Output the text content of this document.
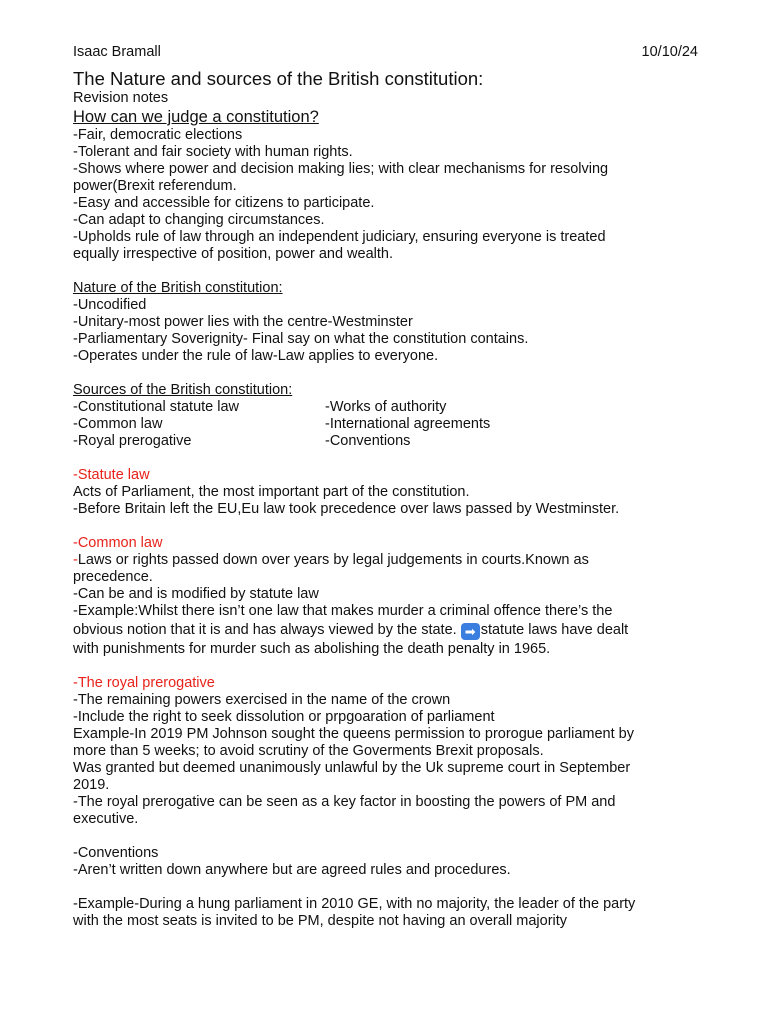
Isaac Bramall	10/10/24
The Nature and sources of the British constitution:
Revision notes
How can we judge a constitution?
-Fair, democratic elections
-Tolerant and fair society with human rights.
-Shows where power and decision making lies; with clear mechanisms for resolving
power(Brexit referendum.
-Easy and accessible for citizens to participate.
-Can adapt to changing circumstances.
-Upholds rule of law through an independent judiciary, ensuring everyone is treated
equally irrespective of position, power and wealth.
Nature of the British constitution:
-Uncodified
-Unitary-most power lies with the centre-Westminster
-Parliamentary Soverignity- Final say on what the constitution contains.
-Operates under the rule of law-Law applies to everyone.
Sources of the British constitution:
-Constitutional statute law	-Works of authority
-Common law	-International agreements
-Royal prerogative	-Conventions
-Statute law
Acts of Parliament, the most important part of the constitution.
-Before Britain left the EU,Eu law took precedence over laws passed by Westminster.
-Common law
-Laws or rights passed down over years by legal judgements in courts.Known as
precedence.
-Can be and is modified by statute law
-Example:Whilst there isn’t one law that makes murder a criminal offence there’s the
obvious notion that it is and has always viewed by the state. ➡ statute laws have dealt
with punishments for murder such as abolishing the death penalty in 1965.
-The royal prerogative
-The remaining powers exercised in the name of the crown
-Include the right to seek dissolution or prpgoaration of parliament
Example-In 2019 PM Johnson sought the queens permission to prorogue parliament by
more than 5 weeks; to avoid scrutiny of the Goverments Brexit proposals.
Was granted but deemed unanimously unlawful by the Uk supreme court in September
2019.
-The royal prerogative can be seen as a key factor in boosting the powers of PM and
executive.
-Conventions
-Aren’t written down anywhere but are agreed rules and procedures.
-Example-During a hung parliament in 2010 GE, with no majority, the leader of the party
with the most seats is invited to be PM, despite not having an overall majority
